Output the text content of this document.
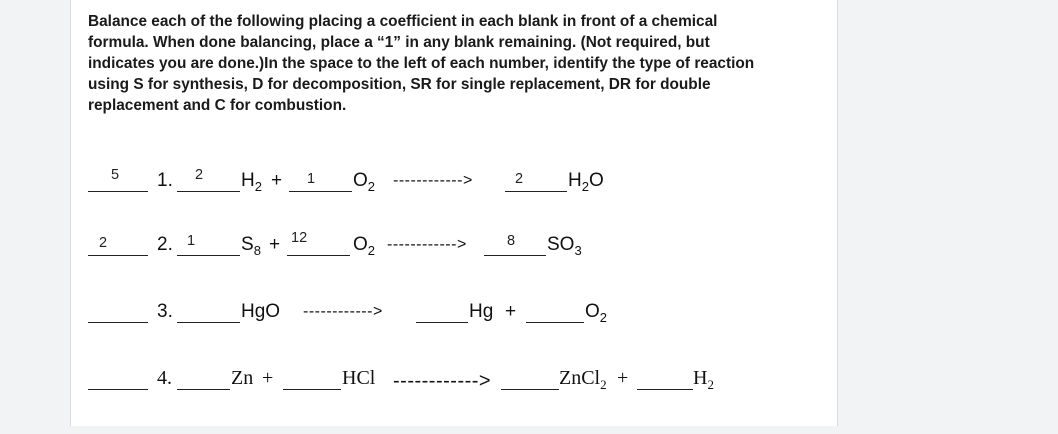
Balance each of the following placing a coefficient in each blank in front of a chemical formula. When done balancing, place a “1” in any blank remaining. (Not required, but indicates you are done.)In the space to the left of each number, identify the type of reaction using S for synthesis, D for decomposition, SR for single replacement, DR for double replacement and C for combustion.
5 1. 2 $H_2 + 1$ $O_2$ ------------>	2 $H_2O$
2	2. 1 $S_8 + 12$ $O_2$ ------------>	8 $SO_3$
3.	HgO ------------>	Hg +	$O_2$
4.	Zn +	HCl ------------>	ZnCl$_2$ +	$H_2$
